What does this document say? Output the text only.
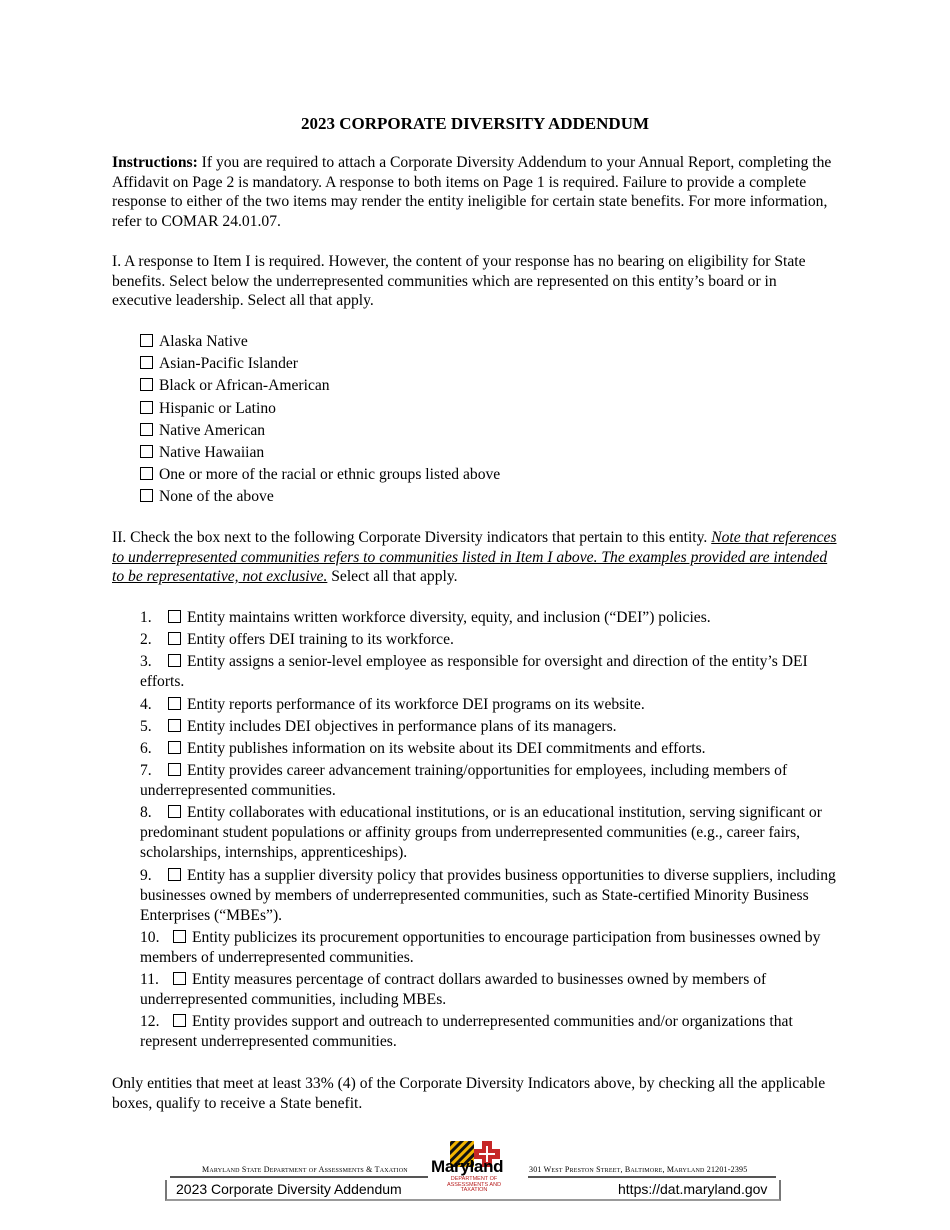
2023 CORPORATE DIVERSITY ADDENDUM
Instructions: If you are required to attach a Corporate Diversity Addendum to your Annual Report, completing the Affidavit on Page 2 is mandatory. A response to both items on Page 1 is required. Failure to provide a complete response to either of the two items may render the entity ineligible for certain state benefits. For more information, refer to COMAR 24.01.07.
I. A response to Item I is required. However, the content of your response has no bearing on eligibility for State benefits. Select below the underrepresented communities which are represented on this entity’s board or in executive leadership. Select all that apply.
Alaska Native
Asian-Pacific Islander
Black or African-American
Hispanic or Latino
Native American
Native Hawaiian
One or more of the racial or ethnic groups listed above
None of the above
II. Check the box next to the following Corporate Diversity indicators that pertain to this entity. Note that references to underrepresented communities refers to communities listed in Item I above. The examples provided are intended to be representative, not exclusive. Select all that apply.
1. Entity maintains written workforce diversity, equity, and inclusion (“DEI”) policies.
2. Entity offers DEI training to its workforce.
3. Entity assigns a senior-level employee as responsible for oversight and direction of the entity’s DEI efforts.
4. Entity reports performance of its workforce DEI programs on its website.
5. Entity includes DEI objectives in performance plans of its managers.
6. Entity publishes information on its website about its DEI commitments and efforts.
7. Entity provides career advancement training/opportunities for employees, including members of underrepresented communities.
8. Entity collaborates with educational institutions, or is an educational institution, serving significant or predominant student populations or affinity groups from underrepresented communities (e.g., career fairs, scholarships, internships, apprenticeships).
9. Entity has a supplier diversity policy that provides business opportunities to diverse suppliers, including businesses owned by members of underrepresented communities, such as State-certified Minority Business Enterprises (“MBEs”).
10. Entity publicizes its procurement opportunities to encourage participation from businesses owned by members of underrepresented communities.
11. Entity measures percentage of contract dollars awarded to businesses owned by members of underrepresented communities, including MBEs.
12. Entity provides support and outreach to underrepresented communities and/or organizations that represent underrepresented communities.
Only entities that meet at least 33% (4) of the Corporate Diversity Indicators above, by checking all the applicable boxes, qualify to receive a State benefit.
Maryland State Department of Assessments & Taxation	301 West Preston Street, Baltimore, Maryland 21201-2395
Maryland
DEPARTMENT OF ASSESSMENTS AND TAXATION
2023 Corporate Diversity Addendum	https://dat.maryland.gov
